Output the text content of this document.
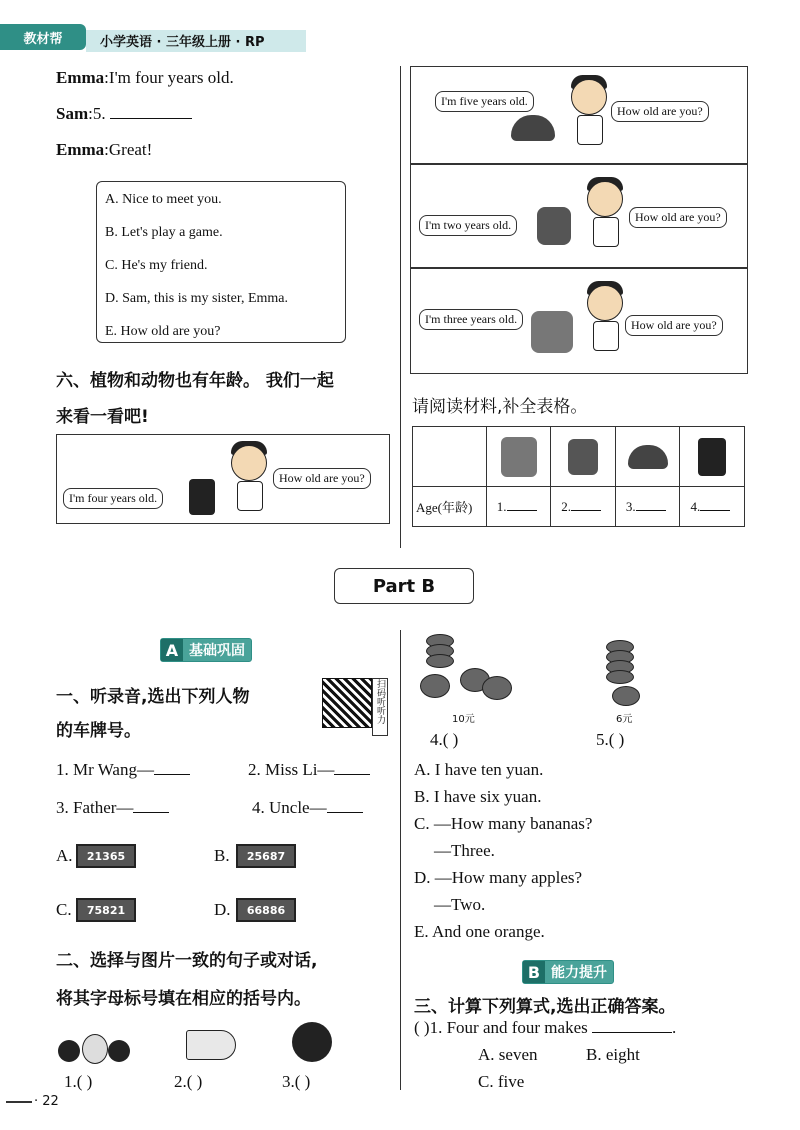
教材帮	小学英语 · 三年级上册 · RP
Emma:I'm four years old.
Sam:5.
Emma:Great!
A. Nice to meet you.
B. Let's play a game.
C. He's my friend.
D. Sam, this is my sister, Emma.
E. How old are you?
六、植物和动物也有年龄。 我们一起
来看一看吧!
I'm four years old.
How old are you?
I'm five years old.
How old are you?
I'm two years old.
How old are you?
I'm three years old.	How old are you?
请阅读材料,补全表格。

Age(年龄)	1.	2.	3.	4.
Part B
A 基础巩固
一、听录音,选出下列人物
的车牌号。
扫码听听力
1. Mr Wang—	2. Miss Li—
3. Father—	4. Uncle—
A.	21365	B.	25687
C.	75821	D.	66886
二、选择与图片一致的句子或对话,
将其字母标号填在相应的括号内。
1.( )	2.( )	3.( )
10元	6元
4.( )	5.( )
A. I have ten yuan.
B. I have six yuan.
C. —How many bananas?
—Three.
D. —How many apples?
—Two.
E. And one orange.
B 能力提升
三、计算下列算式,选出正确答案。
( )1. Four and four makes	.
A. seven	B. eight
C. five
· 22
